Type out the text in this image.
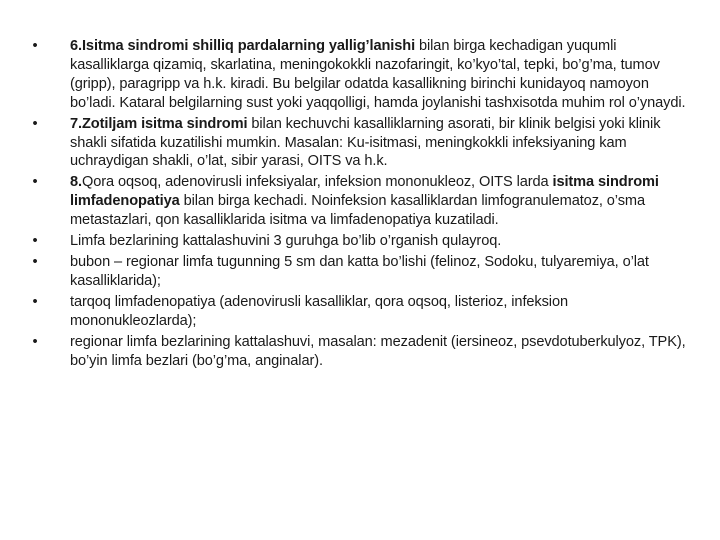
•	6.Isitma sindromi shilliq pardalarning yallig’lanishi bilan birga kechadigan yuqumli kasalliklarga qizamiq, skarlatina, meningokokkli nazofaringit, ko’kyo’tal, tepki, bo’g’ma, tumov (gripp), paragripp va h.k. kiradi. Bu belgilar odatda kasallikning birinchi kunidayoq namoyon bo’ladi. Kataral belgilarning sust yoki yaqqolligi, hamda joylanishi tashxisotda muhim rol o’ynaydi.
•	7.Zotiljam isitma sindromi bilan kechuvchi kasalliklarning asorati, bir klinik belgisi yoki klinik shakli sifatida kuzatilishi mumkin. Masalan: Ku-isitmasi, meningkokkli infeksiyaning kam uchraydigan shakli, o’lat, sibir yarasi, OITS va h.k.
•	8.Qora oqsoq, adenovirusli infeksiyalar, infeksion mononukleoz, OITS larda isitma sindromi limfadenopatiya bilan birga kechadi. Noinfeksion kasalliklardan limfogranulematoz, o’sma metastazlari, qon kasalliklarida isitma va limfadenopatiya kuzatiladi.
•	Limfa bezlarining kattalashuvini 3 guruhga bo’lib o’rganish qulayroq.
•	bubon – regionar limfa tugunning 5 sm dan katta bo’lishi (felinoz, Sodoku, tulyaremiya, o’lat kasalliklarida);
•	tarqoq limfadenopatiya (adenovirusli kasalliklar, qora oqsoq, listerioz, infeksion mononukleozlarda);
•	regionar limfa bezlarining kattalashuvi, masalan: mezadenit (iersineoz, psevdotuberkulyoz, TPK), bo’yin limfa bezlari (bo’g’ma, anginalar).
